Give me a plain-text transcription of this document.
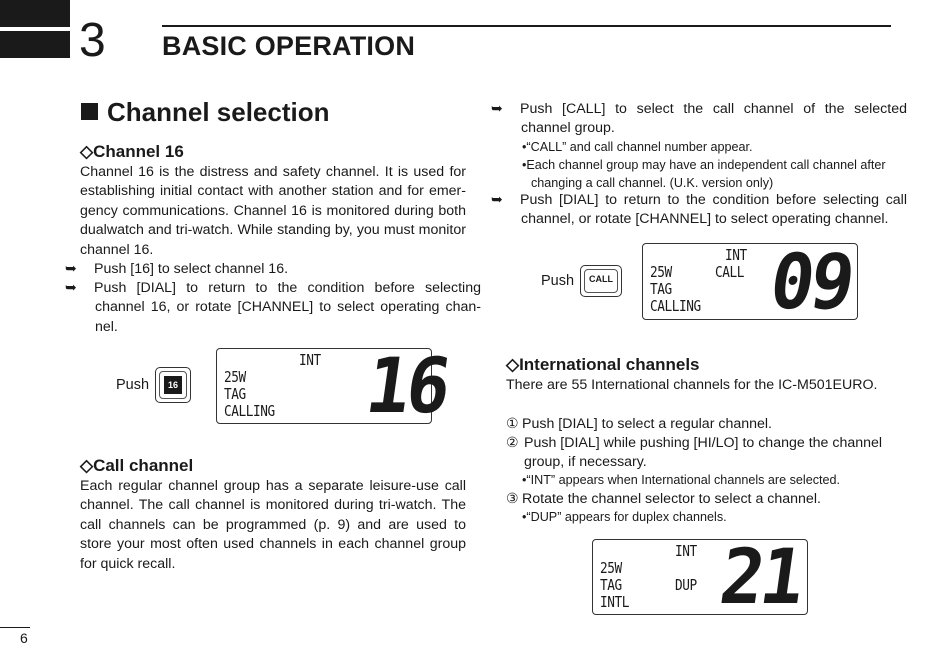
3 BASIC OPERATION
Channel selection
◇Channel 16
Channel 16 is the distress and safety channel. It is used for establishing initial contact with another station and for emer-gency communications. Channel 16 is monitored during both dualwatch and tri-watch. While standing by, you must monitor channel 16.
➥ Push [16] to select channel 16.
➥ Push [DIAL] to return to the condition before selecting channel 16, or rotate [CHANNEL] to select operating chan-nel.
Push	16
INT
25W
TAG
CALLING 16
◇Call channel
Each regular channel group has a separate leisure-use call channel. The call channel is monitored during tri-watch. The call channels can be programmed (p. 9) and are used to store your most often used channels in each channel group for quick recall.
➥ Push [CALL] to select the call channel of the selected channel group.
•“CALL” and call channel number appear.
•Each channel group may have an independent call channel after changing a call channel. (U.K. version only)
➥ Push [DIAL] to return to the condition before selecting call channel, or rotate [CHANNEL] to select operating channel.
Push	CALL
INT
25W	CALL
TAG
CALLING 09
◇International channels
There are 55 International channels for the IC-M501EURO.
① Push [DIAL] to select a regular channel.
② Push [DIAL] while pushing [HI/LO] to change the channel group, if necessary.
•“INT” appears when International channels are selected.
③ Rotate the channel selector to select a channel.
•“DUP” appears for duplex channels.
INT
25W
TAG	DUP
INTL 21
6
